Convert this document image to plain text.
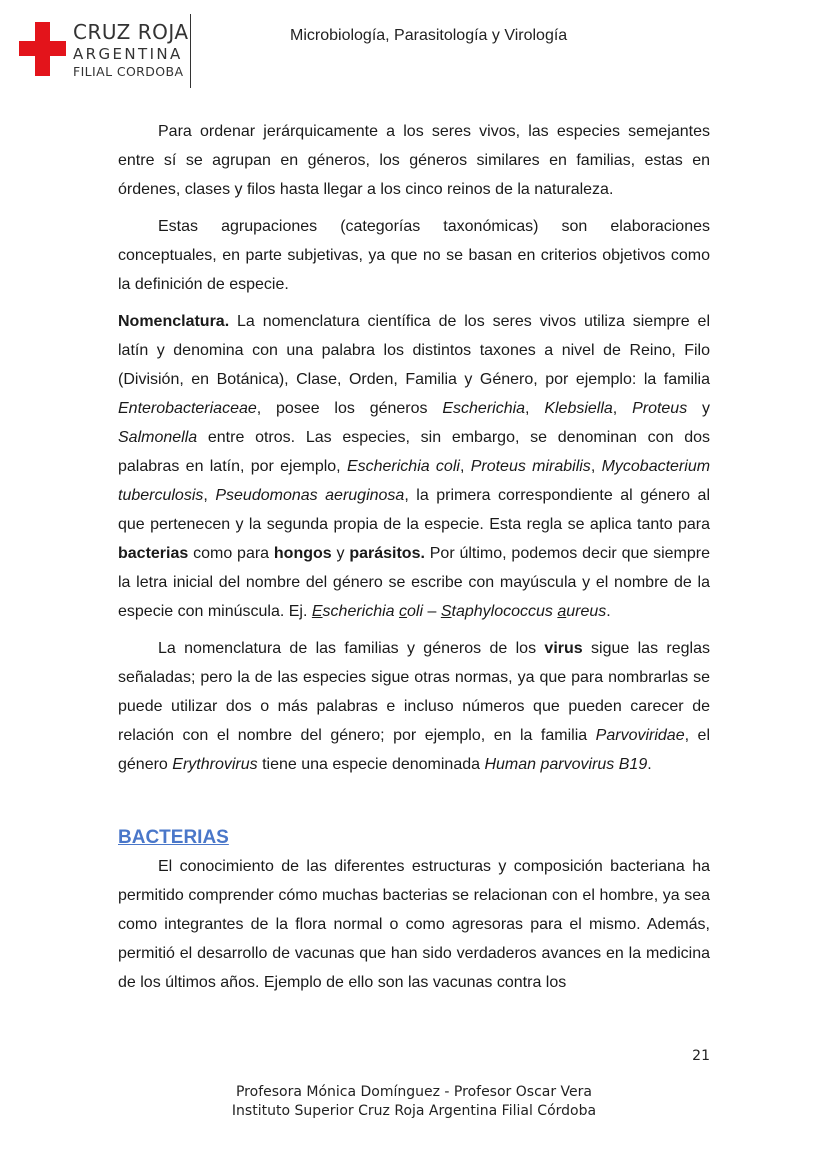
CRUZ ROJA
ARGENTINA
FILIAL CORDOBA
Microbiología, Parasitología y Virología

Para ordenar jerárquicamente a los seres vivos, las especies semejantes entre sí se agrupan en géneros, los géneros similares en familias, estas en órdenes, clases y filos hasta llegar a los cinco reinos de la naturaleza.

Estas agrupaciones (categorías taxonómicas) son elaboraciones conceptuales, en parte subjetivas, ya que no se basan en criterios objetivos como la definición de especie.

Nomenclatura. La nomenclatura científica de los seres vivos utiliza siempre el latín y denomina con una palabra los distintos taxones a nivel de Reino, Filo (División, en Botánica), Clase, Orden, Familia y Género, por ejemplo: la familia Enterobacteriaceae, posee los géneros Escherichia, Klebsiella, Proteus y Salmonella entre otros. Las especies, sin embargo, se denominan con dos palabras en latín, por ejemplo, Escherichia coli, Proteus mirabilis, Mycobacterium tuberculosis, Pseudomonas aeruginosa, la primera correspondiente al género al que pertenecen y la segunda propia de la especie. Esta regla se aplica tanto para bacterias como para hongos y parásitos. Por último, podemos decir que siempre la letra inicial del nombre del género se escribe con mayúscula y el nombre de la especie con minúscula. Ej. Escherichia coli – Staphylococcus aureus.

La nomenclatura de las familias y géneros de los virus sigue las reglas señaladas; pero la de las especies sigue otras normas, ya que para nombrarlas se puede utilizar dos o más palabras e incluso números que pueden carecer de relación con el nombre del género; por ejemplo, en la familia Parvoviridae, el género Erythrovirus tiene una especie denominada Human parvovirus B19.

BACTERIAS

El conocimiento de las diferentes estructuras y composición bacteriana ha permitido comprender cómo muchas bacterias se relacionan con el hombre, ya sea como integrantes de la flora normal o como agresoras para el mismo. Además, permitió el desarrollo de vacunas que han sido verdaderos avances en la medicina de los últimos años. Ejemplo de ello son las vacunas contra los

21
Profesora Mónica Domínguez - Profesor Oscar Vera
Instituto Superior Cruz Roja Argentina Filial Córdoba
